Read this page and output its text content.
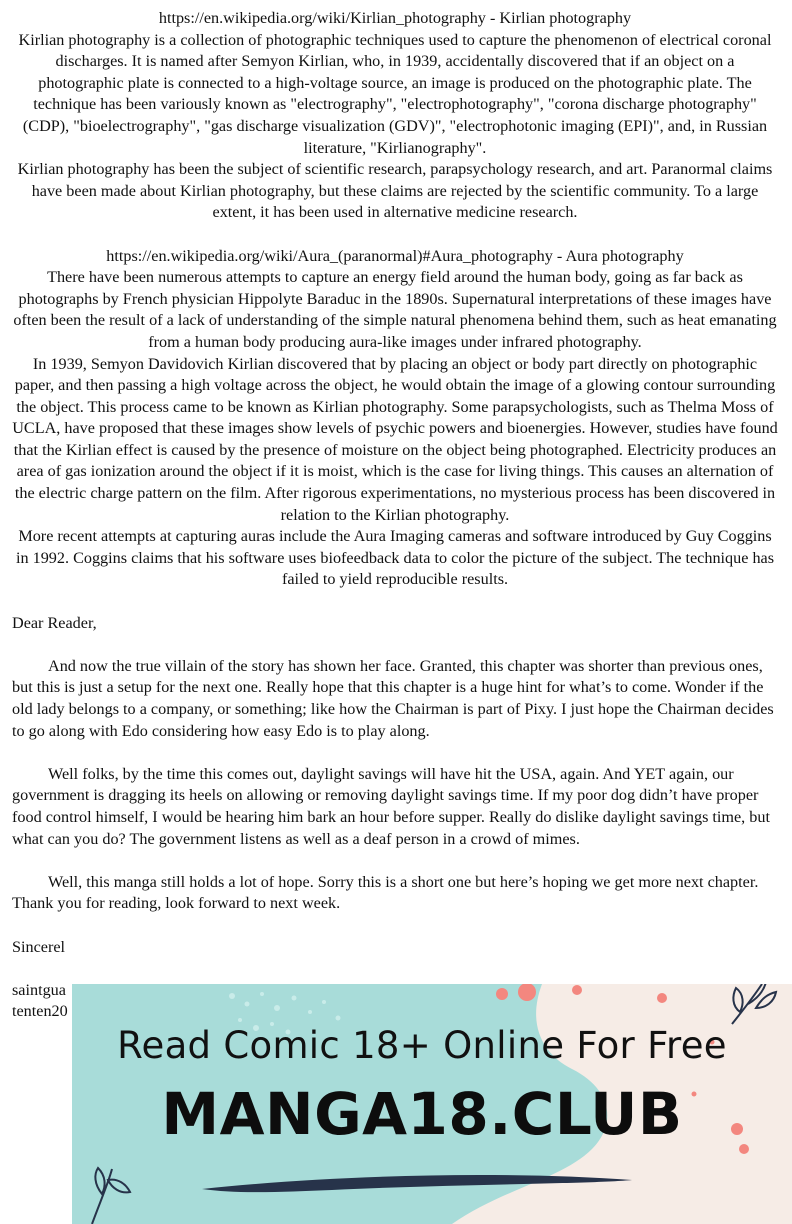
https://en.wikipedia.org/wiki/Kirlian_photography - Kirlian photography
Kirlian photography is a collection of photographic techniques used to capture the phenomenon of electrical coronal discharges. It is named after Semyon Kirlian, who, in 1939, accidentally discovered that if an object on a photographic plate is connected to a high-voltage source, an image is produced on the photographic plate. The technique has been variously known as "electrography", "electrophotography", "corona discharge photography" (CDP), "bioelectrography", "gas discharge visualization (GDV)", "electrophotonic imaging (EPI)", and, in Russian literature, "Kirlianography".
Kirlian photography has been the subject of scientific research, parapsychology research, and art. Paranormal claims have been made about Kirlian photography, but these claims are rejected by the scientific community. To a large extent, it has been used in alternative medicine research.
https://en.wikipedia.org/wiki/Aura_(paranormal)#Aura_photography - Aura photography
There have been numerous attempts to capture an energy field around the human body, going as far back as photographs by French physician Hippolyte Baraduc in the 1890s. Supernatural interpretations of these images have often been the result of a lack of understanding of the simple natural phenomena behind them, such as heat emanating from a human body producing aura-like images under infrared photography.
In 1939, Semyon Davidovich Kirlian discovered that by placing an object or body part directly on photographic paper, and then passing a high voltage across the object, he would obtain the image of a glowing contour surrounding the object. This process came to be known as Kirlian photography. Some parapsychologists, such as Thelma Moss of UCLA, have proposed that these images show levels of psychic powers and bioenergies. However, studies have found that the Kirlian effect is caused by the presence of moisture on the object being photographed. Electricity produces an area of gas ionization around the object if it is moist, which is the case for living things. This causes an alternation of the electric charge pattern on the film. After rigorous experimentations, no mysterious process has been discovered in relation to the Kirlian photography.
More recent attempts at capturing auras include the Aura Imaging cameras and software introduced by Guy Coggins in 1992. Coggins claims that his software uses biofeedback data to color the picture of the subject. The technique has failed to yield reproducible results.
Dear Reader,
And now the true villain of the story has shown her face. Granted, this chapter was shorter than previous ones, but this is just a setup for the next one. Really hope that this chapter is a huge hint for what’s to come. Wonder if the old lady belongs to a company, or something; like how the Chairman is part of Pixy. I just hope the Chairman decides to go along with Edo considering how easy Edo is to play along.
Well folks, by the time this comes out, daylight savings will have hit the USA, again. And YET again, our government is dragging its heels on allowing or removing daylight savings time. If my poor dog didn’t have proper food control himself, I would be hearing him bark an hour before supper. Really do dislike daylight savings time, but what can you do? The government listens as well as a deaf person in a crowd of mimes.
Well, this manga still holds a lot of hope. Sorry this is a short one but here’s hoping we get more next chapter. Thank you for reading, look forward to next week.
Sincerel
saintgua
tenten20
Read Comic 18+ Online For Free
MANGA18.CLUB
